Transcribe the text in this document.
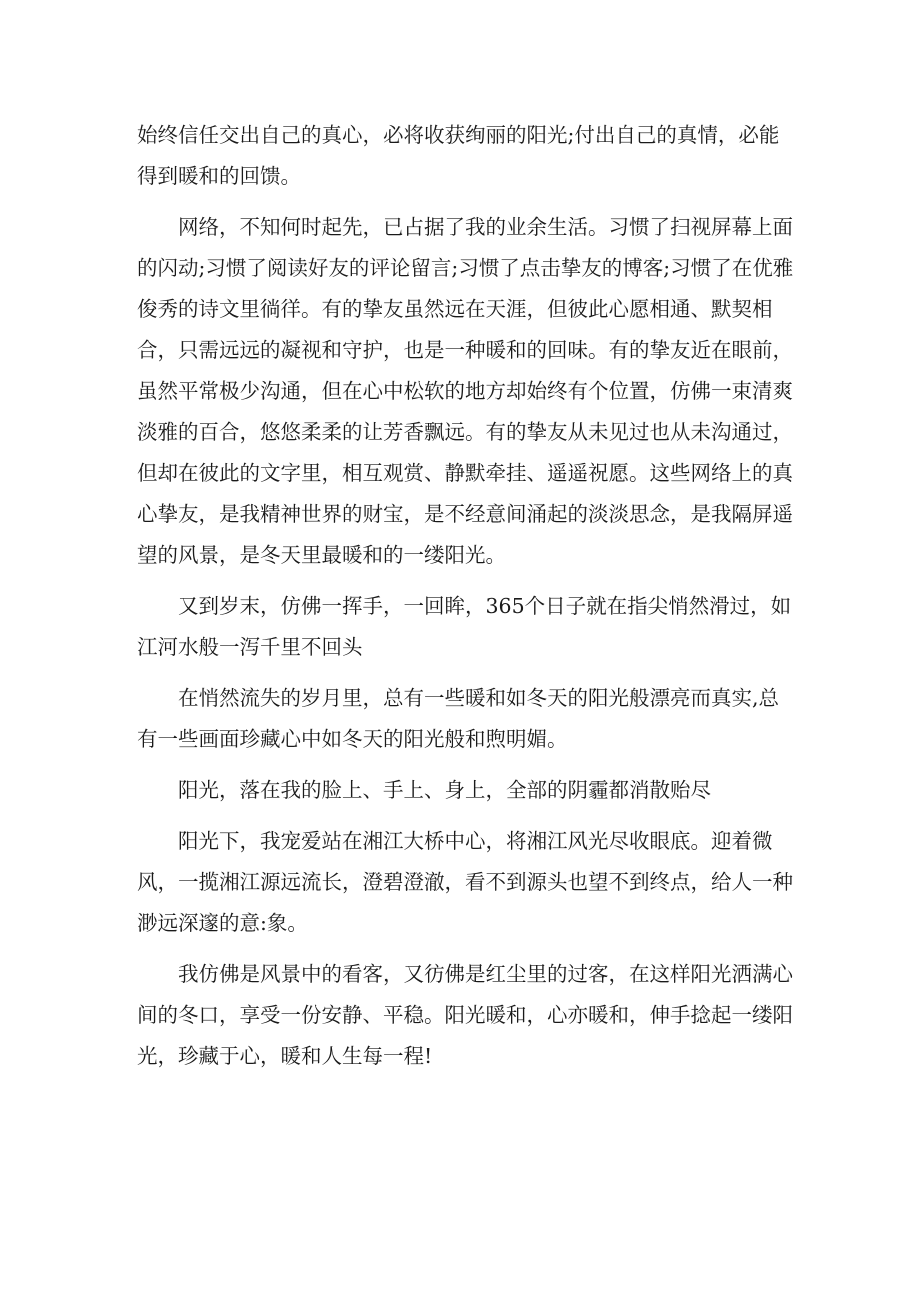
始终信任交出自己的真心，必将收获绚丽的阳光;付出自己的真情，必能得到暖和的回馈。

网络，不知何时起先，已占据了我的业余生活。习惯了扫视屏幕上面的闪动;习惯了阅读好友的评论留言;习惯了点击挚友的博客;习惯了在优雅俊秀的诗文里徜徉。有的挚友虽然远在天涯，但彼此心愿相通、默契相合，只需远远的凝视和守护，也是一种暖和的回味。有的挚友近在眼前，虽然平常极少沟通，但在心中松软的地方却始终有个位置，仿佛一束清爽淡雅的百合，悠悠柔柔的让芳香飘远。有的挚友从未见过也从未沟通过，但却在彼此的文字里，相互观赏、静默牵挂、遥遥祝愿。这些网络上的真心挚友，是我精神世界的财宝，是不经意间涌起的淡淡思念，是我隔屏遥望的风景，是冬天里最暖和的一缕阳光。

又到岁末，仿佛一挥手，一回眸，365个日子就在指尖悄然滑过，如江河水般一泻千里不回头

在悄然流失的岁月里，总有一些暖和如冬天的阳光般漂亮而真实,总有一些画面珍藏心中如冬天的阳光般和煦明媚。

阳光，落在我的脸上、手上、身上，全部的阴霾都消散贻尽

阳光下，我宠爱站在湘江大桥中心，将湘江风光尽收眼底。迎着微风，一揽湘江源远流长，澄碧澄澈，看不到源头也望不到终点，给人一种渺远深邃的意:象。

我仿佛是风景中的看客，又彷佛是红尘里的过客，在这样阳光洒满心间的冬口，享受一份安静、平稳。阳光暖和，心亦暖和，伸手捻起一缕阳光，珍藏于心，暖和人生每一程!
